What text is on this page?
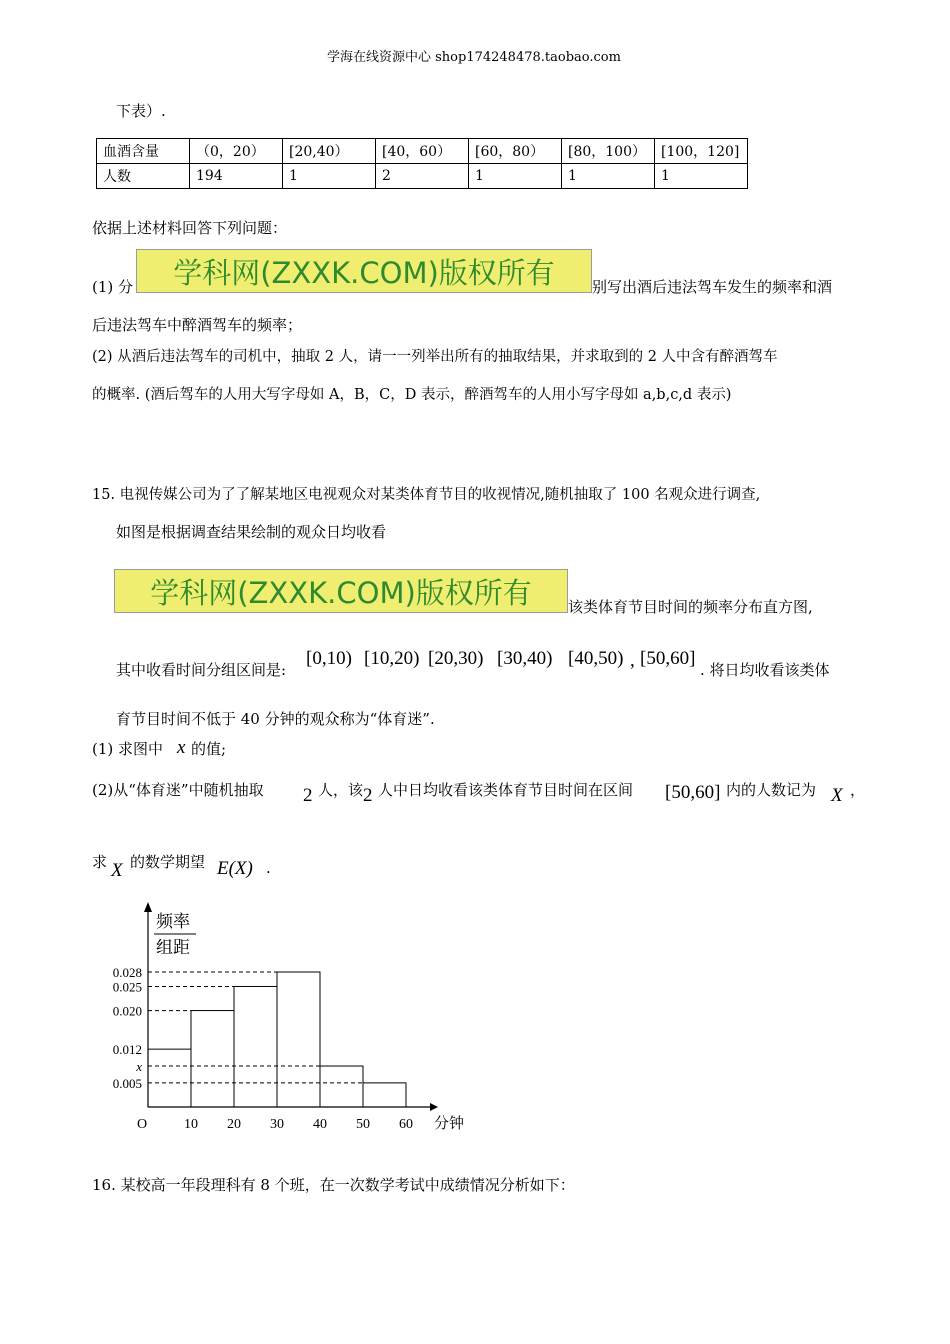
学海在线资源中心 shop174248478.taobao.com
下表）.
血酒含量	（0，20）	[20,40）	[40，60）	[60，80）	[80，100）	[100，120]
人数	194	1	2	1	1	1
依据上述材料回答下列问题：
(1) 分	学科网(ZXXK.COM)版权所有	别写出酒后违法驾车发生的频率和酒
后违法驾车中醉酒驾车的频率；
(2) 从酒后违法驾车的司机中，抽取 2 人，请一一列举出所有的抽取结果，并求取到的 2 人中含有醉酒驾车
的概率. (酒后驾车的人用大写字母如 A，B，C，D 表示，醉酒驾车的人用小写字母如 a,b,c,d 表示)
15. 电视传媒公司为了了解某地区电视观众对某类体育节目的收视情况,随机抽取了 100 名观众进行调查,
如图是根据调查结果绘制的观众日均收看
学科网(ZXXK.COM)版权所有	该类体育节目时间的频率分布直方图,
其中收看时间分组区间是:
[0,10) [10,20) [20,30) [30,40) [40,50) , [50,60]
. 将日均收看该类体
育节目时间不低于 40 分钟的观众称为“体育迷”.
(1) 求图中 x 的值;
(2)从“体育迷”中随机抽取 2 人，该 2 人中日均收看该类体育节目时间在区间 [50,60] 内的人数记为 X ，
求 X 的数学期望 E(X) .
频率
组距
0.028
0.025
0.020
0.012
x
0.005
O	10 20 30 40 50 60 分钟
16. 某校高一年段理科有 8 个班，在一次数学考试中成绩情况分析如下：
